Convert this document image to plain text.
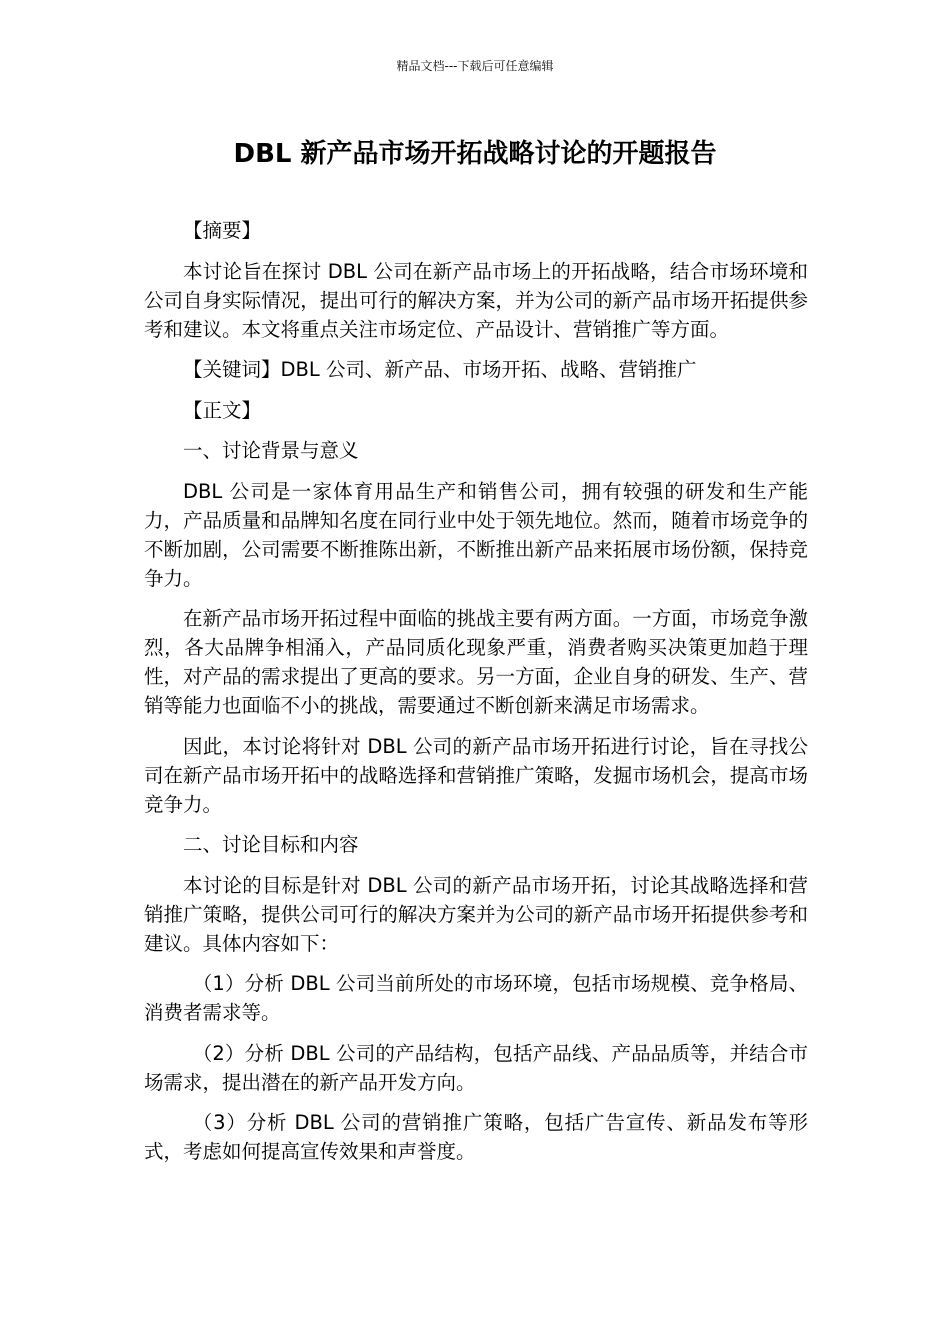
精品文档---下载后可任意编辑
DBL 新产品市场开拓战略讨论的开题报告

【摘要】

本讨论旨在探讨 DBL 公司在新产品市场上的开拓战略，结合市场环境和公司自身实际情况，提出可行的解决方案，并为公司的新产品市场开拓提供参考和建议。本文将重点关注市场定位、产品设计、营销推广等方面。

【关键词】DBL 公司、新产品、市场开拓、战略、营销推广

【正文】

一、讨论背景与意义

DBL 公司是一家体育用品生产和销售公司，拥有较强的研发和生产能力，产品质量和品牌知名度在同行业中处于领先地位。然而，随着市场竞争的不断加剧，公司需要不断推陈出新，不断推出新产品来拓展市场份额，保持竞争力。

在新产品市场开拓过程中面临的挑战主要有两方面。一方面，市场竞争激烈，各大品牌争相涌入，产品同质化现象严重，消费者购买决策更加趋于理性，对产品的需求提出了更高的要求。另一方面，企业自身的研发、生产、营销等能力也面临不小的挑战，需要通过不断创新来满足市场需求。

因此，本讨论将针对 DBL 公司的新产品市场开拓进行讨论，旨在寻找公司在新产品市场开拓中的战略选择和营销推广策略，发掘市场机会，提高市场竞争力。

二、讨论目标和内容

本讨论的目标是针对 DBL 公司的新产品市场开拓，讨论其战略选择和营销推广策略，提供公司可行的解决方案并为公司的新产品市场开拓提供参考和建议。具体内容如下：

（1）分析 DBL 公司当前所处的市场环境，包括市场规模、竞争格局、消费者需求等。

（2）分析 DBL 公司的产品结构，包括产品线、产品品质等，并结合市场需求，提出潜在的新产品开发方向。

（3）分析 DBL 公司的营销推广策略，包括广告宣传、新品发布等形式，考虑如何提高宣传效果和声誉度。
